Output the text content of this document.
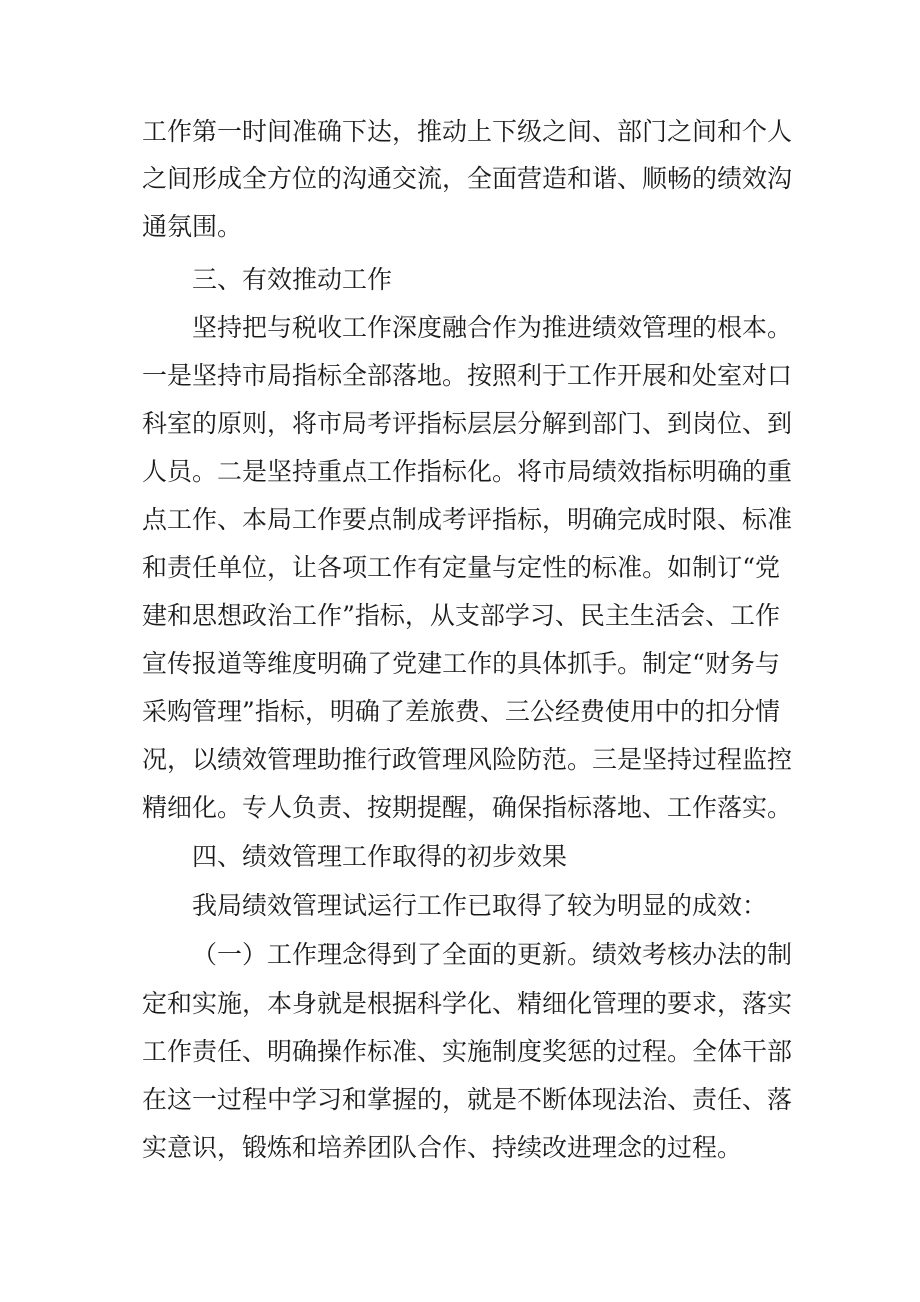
工作第一时间准确下达，推动上下级之间、部门之间和个人
之间形成全方位的沟通交流，全面营造和谐、顺畅的绩效沟
通氛围。
三、有效推动工作
坚持把与税收工作深度融合作为推进绩效管理的根本。
一是坚持市局指标全部落地。按照利于工作开展和处室对口
科室的原则，将市局考评指标层层分解到部门、到岗位、到
人员。二是坚持重点工作指标化。将市局绩效指标明确的重
点工作、本局工作要点制成考评指标，明确完成时限、标准
和责任单位，让各项工作有定量与定性的标准。如制订“党
建和思想政治工作”指标，从支部学习、民主生活会、工作
宣传报道等维度明确了党建工作的具体抓手。制定“财务与
采购管理”指标，明确了差旅费、三公经费使用中的扣分情
况，以绩效管理助推行政管理风险防范。三是坚持过程监控
精细化。专人负责、按期提醒，确保指标落地、工作落实。
四、绩效管理工作取得的初步效果
我局绩效管理试运行工作已取得了较为明显的成效：
（一）工作理念得到了全面的更新。绩效考核办法的制
定和实施，本身就是根据科学化、精细化管理的要求，落实
工作责任、明确操作标准、实施制度奖惩的过程。全体干部
在这一过程中学习和掌握的，就是不断体现法治、责任、落
实意识，锻炼和培养团队合作、持续改进理念的过程。
